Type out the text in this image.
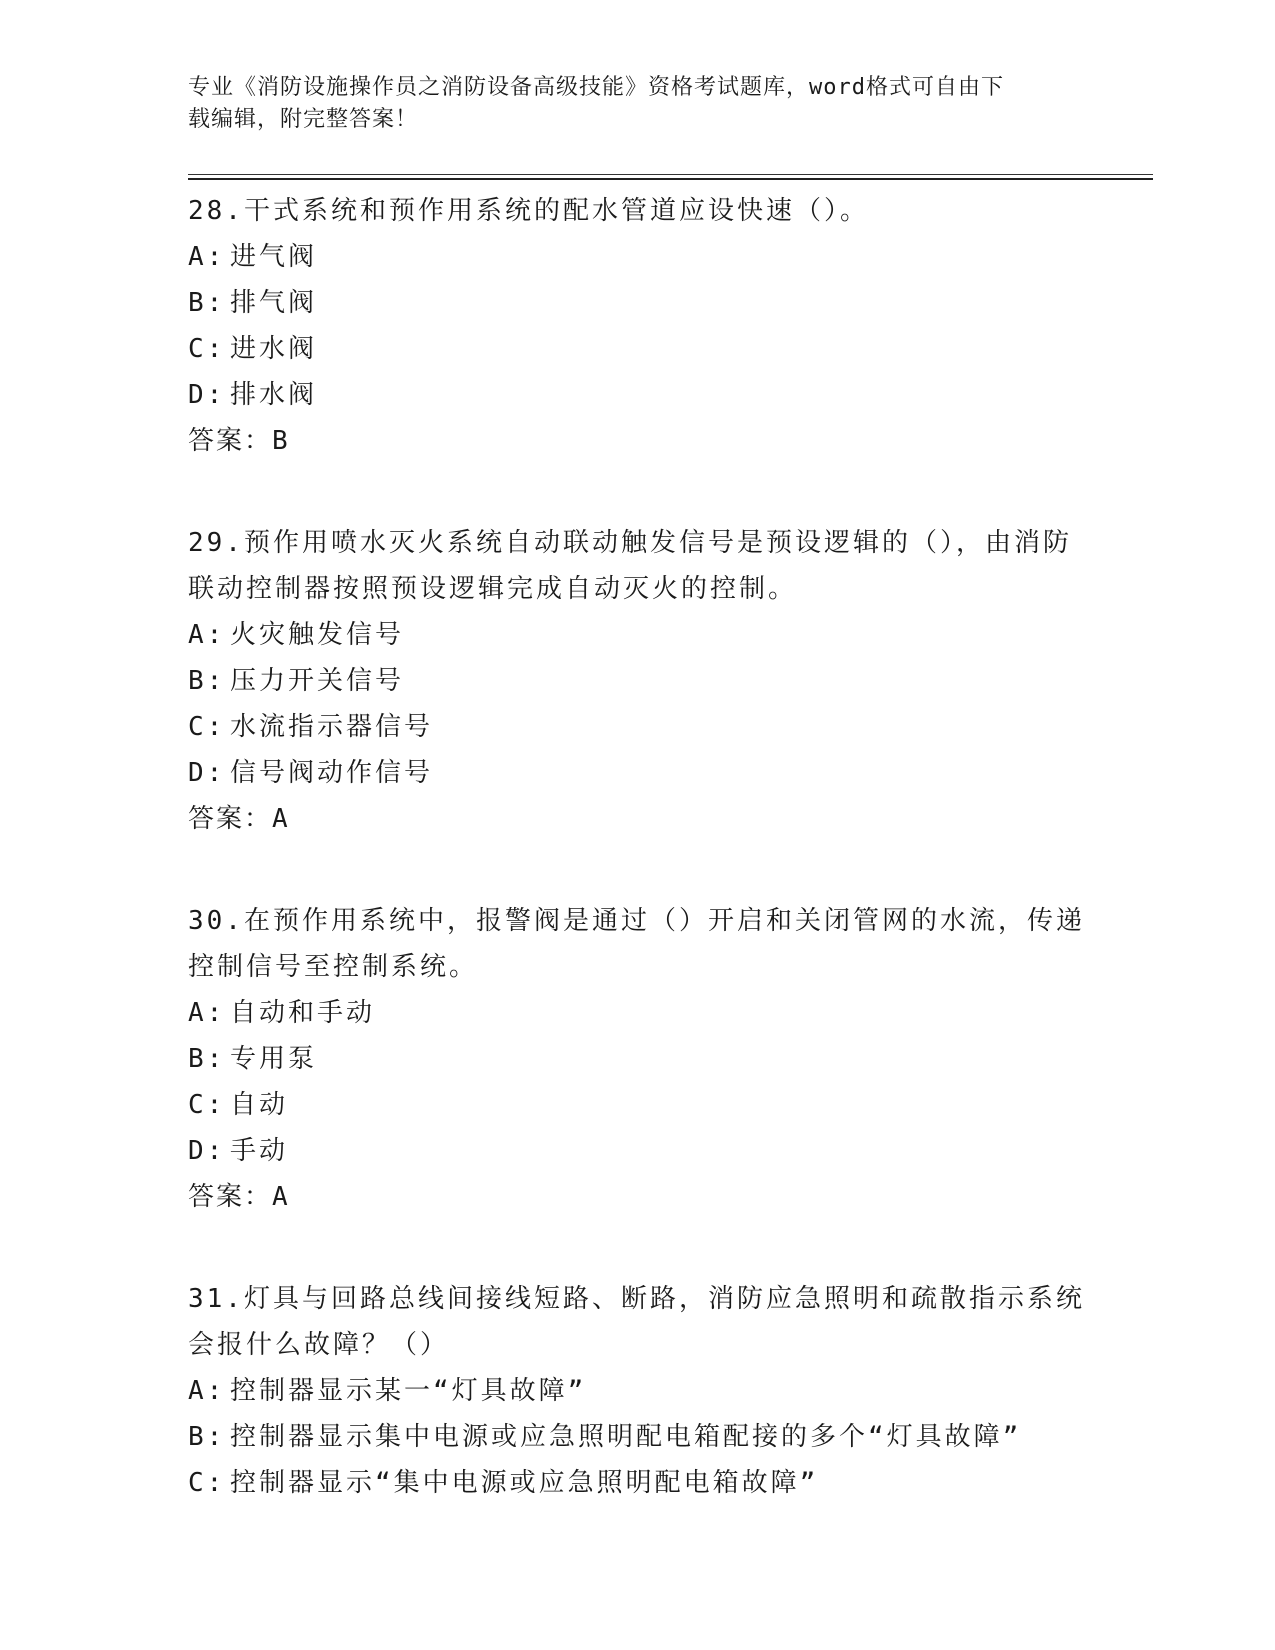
专业《消防设施操作员之消防设备高级技能》资格考试题库，word格式可自由下
载编辑，附完整答案！

28.干式系统和预作用系统的配水管道应设快速（）。

A: 进气阀

B: 排气阀

C: 进水阀

D: 排水阀

答案：B

29.预作用喷水灭火系统自动联动触发信号是预设逻辑的（），由消防联动控制器按照预设逻辑完成自动灭火的控制。

A: 火灾触发信号

B: 压力开关信号

C: 水流指示器信号

D: 信号阀动作信号

答案：A

30.在预作用系统中，报警阀是通过（）开启和关闭管网的水流，传递控制信号至控制系统。

A: 自动和手动

B: 专用泵

C: 自动

D: 手动

答案：A

31.灯具与回路总线间接线短路、断路，消防应急照明和疏散指示系统会报什么故障？（）

A: 控制器显示某一“灯具故障”

B: 控制器显示集中电源或应急照明配电箱配接的多个“灯具故障”

C: 控制器显示“集中电源或应急照明配电箱故障”
